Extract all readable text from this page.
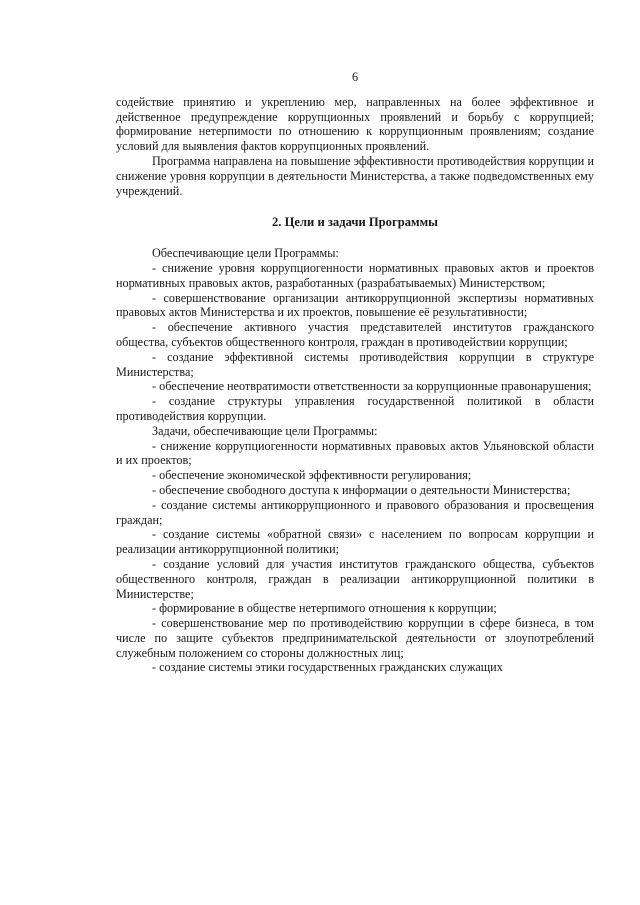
6

содействие принятию и укреплению мер, направленных на более эффективное и действенное предупреждение коррупционных проявлений и борьбу с коррупцией; формирование нетерпимости по отношению к коррупционным проявлениям; создание условий для выявления фактов коррупционных проявлений.

Программа направлена на повышение эффективности противодействия коррупции и снижение уровня коррупции в деятельности Министерства, а также подведомственных ему учреждений.

2. Цели и задачи Программы

Обеспечивающие цели Программы:

- снижение уровня коррупциогенности нормативных правовых актов и проектов нормативных правовых актов, разработанных (разрабатываемых) Министерством;

- совершенствование организации антикоррупционной экспертизы нормативных правовых актов Министерства и их проектов, повышение её результативности;

- обеспечение активного участия представителей институтов гражданского общества, субъектов общественного контроля, граждан в противодействии коррупции;

- создание эффективной системы противодействия коррупции в структуре Министерства;

- обеспечение неотвратимости ответственности за коррупционные правонарушения;

- создание структуры управления государственной политикой в области противодействия коррупции.

Задачи, обеспечивающие цели Программы:

- снижение коррупциогенности нормативных правовых актов Ульяновской области и их проектов;

- обеспечение экономической эффективности регулирования;

- обеспечение свободного доступа к информации о деятельности Министерства;

- создание системы антикоррупционного и правового образования и просвещения граждан;

- создание системы «обратной связи» с населением по вопросам коррупции и реализации антикоррупционной политики;

- создание условий для участия институтов гражданского общества, субъектов общественного контроля, граждан в реализации антикоррупционной политики в Министерстве;

- формирование в обществе нетерпимого отношения к коррупции;

- совершенствование мер по противодействию коррупции в сфере бизнеса, в том числе по защите субъектов предпринимательской деятельности от злоупотреблений служебным положением со стороны должностных лиц;

- создание системы этики государственных гражданских служащих
